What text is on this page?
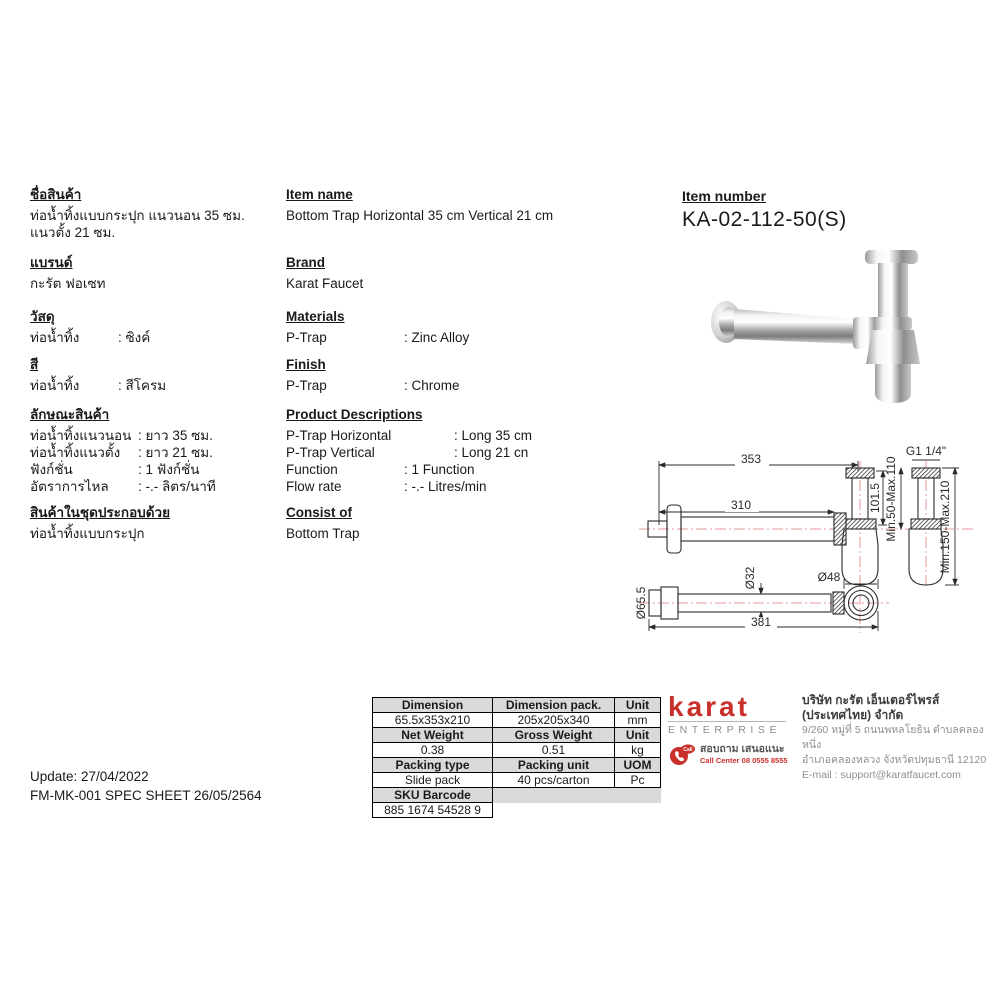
ชื่อสินค้า
ท่อน้ำทิ้งแบบกระปุก แนวนอน 35 ซม.
แนวตั้ง 21 ซม.
แบรนด์
กะรัต ฟอเซท
วัสดุ
ท่อน้ำทิ้ง	: ซิงค์
สี
ท่อน้ำทิ้ง	: สีโครม
ลักษณะสินค้า
ท่อน้ำทิ้งแนวนอน : ยาว 35 ซม.
ท่อน้ำทิ้งแนวตั้ง	: ยาว 21 ซม.
ฟังก์ชั่น	: 1 ฟังก์ชั่น
อัตราการไหล	: -.- ลิตร/นาที
สินค้าในชุดประกอบด้วย
ท่อน้ำทิ้งแบบกระปุก
Item name
Bottom Trap Horizontal 35 cm Vertical 21 cm
Brand
Karat Faucet
Materials
P-Trap	: Zinc Alloy
Finish
P-Trap	: Chrome
Product Descriptions
P-Trap Horizontal	: Long 35 cm
P-Trap Vertical	: Long 21 cn
Function	: 1 Function
Flow rate	: -.- Litres/min
Consist of
Bottom Trap
Item number
KA-02-112-50(S)
353
310	101.5 Min.50-Max.110
G1 1/4"
Min.150-Max.210
Ø48
Ø32
Ø65.5
381
Dimension	Dimension pack.	Unit
65.5x353x210	205x205x340	mm
Net Weight	Gross Weight	Unit
0.38	0.51	kg
Packing type	Packing unit	UOM
Slide pack	40 pcs/carton	Pc
SKU Barcode		
885 1674 54528 9		
karat
ENTERPRISE
Call สอบถาม เสนอแนะ
Call Center 08 0555 8555
บริษัท กะรัต เอ็นเตอร์ไพรส์ (ประเทศไทย) จำกัด
9/260 หมู่ที่ 5 ถนนพหลโยธิน ตำบลคลองหนึ่ง
อำเภอคลองหลวง จังหวัดปทุมธานี 12120
E-mail : support@karatfaucet.com
Update: 27/04/2022
FM-MK-001 SPEC SHEET 26/05/2564
